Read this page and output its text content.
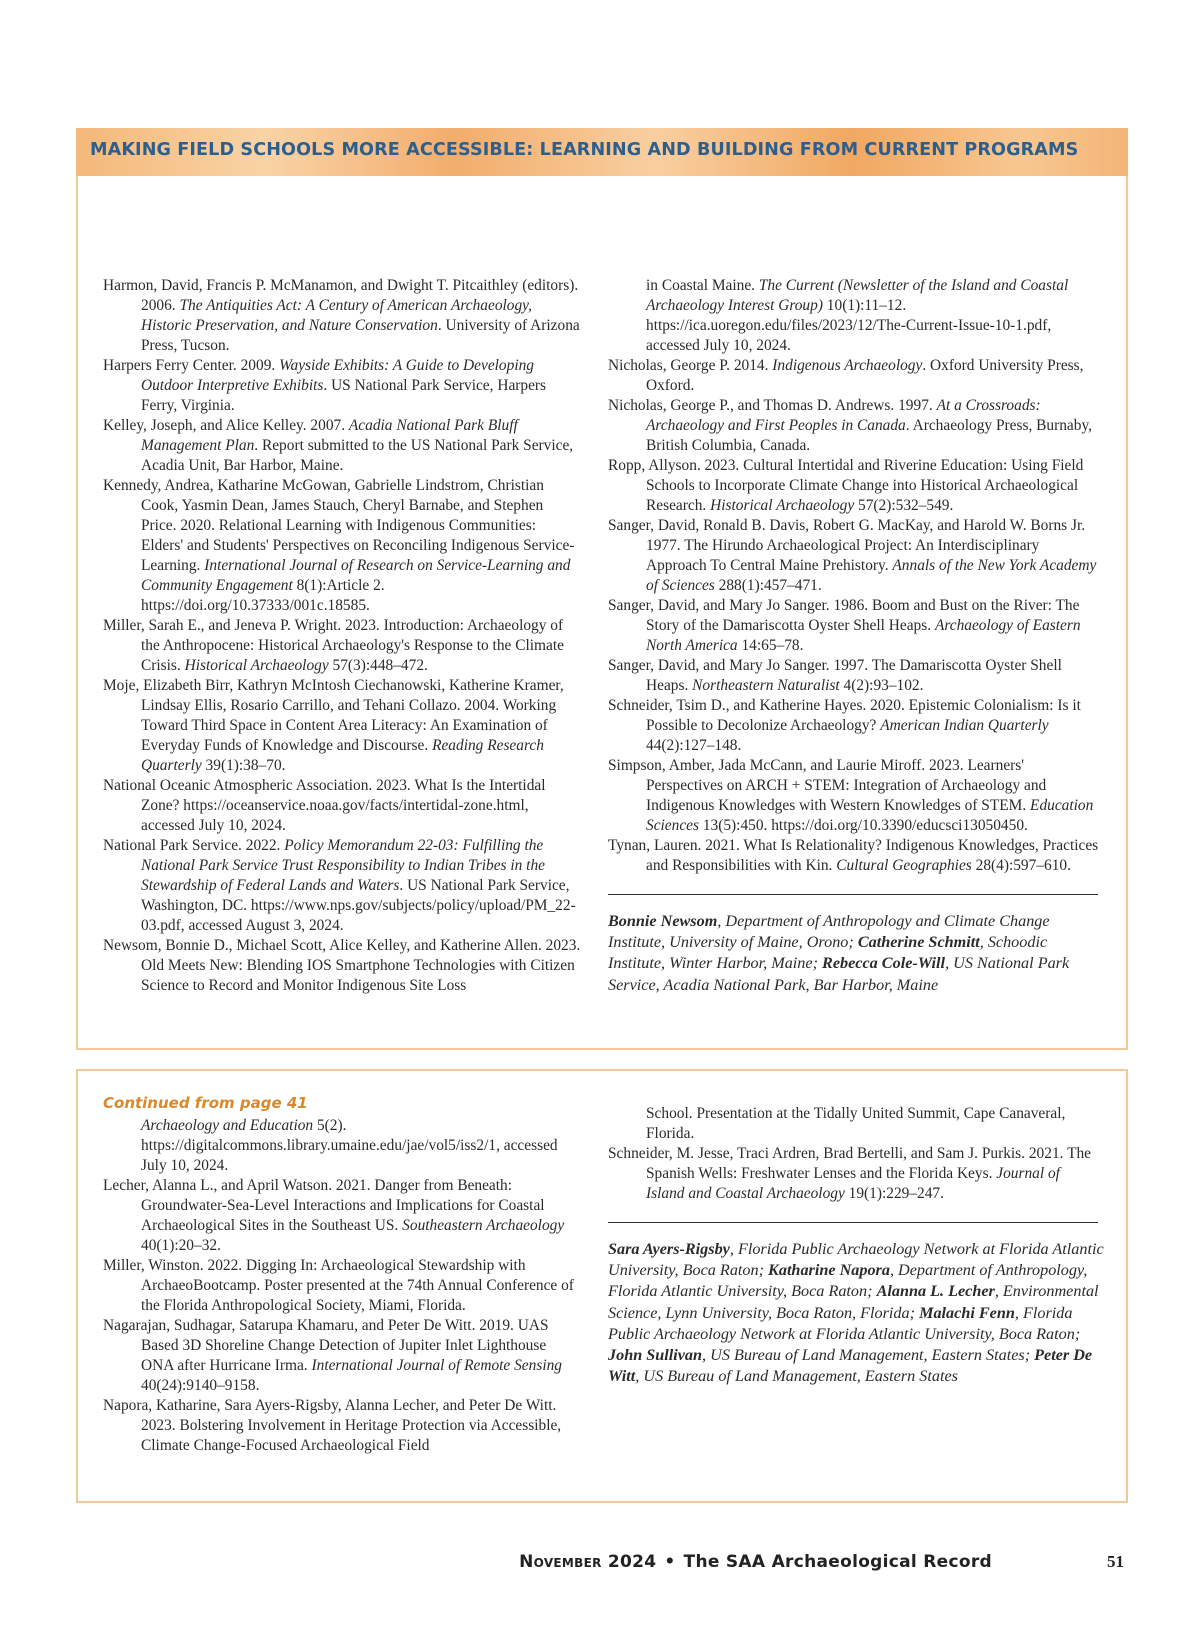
MAKING FIELD SCHOOLS MORE ACCESSIBLE: LEARNING AND BUILDING FROM CURRENT PROGRAMS
Harmon, David, Francis P. McManamon, and Dwight T. Pitcaithley (editors). 2006. The Antiquities Act: A Century of American Archaeology, Historic Preservation, and Nature Conservation. University of Arizona Press, Tucson.
Harpers Ferry Center. 2009. Wayside Exhibits: A Guide to Developing Outdoor Interpretive Exhibits. US National Park Service, Harpers Ferry, Virginia.
Kelley, Joseph, and Alice Kelley. 2007. Acadia National Park Bluff Management Plan. Report submitted to the US National Park Service, Acadia Unit, Bar Harbor, Maine.
Kennedy, Andrea, Katharine McGowan, Gabrielle Lindstrom, Christian Cook, Yasmin Dean, James Stauch, Cheryl Barnabe, and Stephen Price. 2020. Relational Learning with Indigenous Communities: Elders' and Students' Perspectives on Reconciling Indigenous Service-Learning. International Journal of Research on Service-Learning and Community Engagement 8(1):Article 2. https://doi.org/10.37333/001c.18585.
Miller, Sarah E., and Jeneva P. Wright. 2023. Introduction: Archaeology of the Anthropocene: Historical Archaeology's Response to the Climate Crisis. Historical Archaeology 57(3):448–472.
Moje, Elizabeth Birr, Kathryn McIntosh Ciechanowski, Katherine Kramer, Lindsay Ellis, Rosario Carrillo, and Tehani Collazo. 2004. Working Toward Third Space in Content Area Literacy: An Examination of Everyday Funds of Knowledge and Discourse. Reading Research Quarterly 39(1):38–70.
National Oceanic Atmospheric Association. 2023. What Is the Intertidal Zone? https://oceanservice.noaa.gov/facts/intertidal-zone.html, accessed July 10, 2024.
National Park Service. 2022. Policy Memorandum 22-03: Fulfilling the National Park Service Trust Responsibility to Indian Tribes in the Stewardship of Federal Lands and Waters. US National Park Service, Washington, DC. https://www.nps.gov/subjects/policy/upload/PM_22-03.pdf, accessed August 3, 2024.
Newsom, Bonnie D., Michael Scott, Alice Kelley, and Katherine Allen. 2023. Old Meets New: Blending IOS Smartphone Technologies with Citizen Science to Record and Monitor Indigenous Site Loss
in Coastal Maine. The Current (Newsletter of the Island and Coastal Archaeology Interest Group) 10(1):11–12. https://ica.uoregon.edu/files/2023/12/The-Current-Issue-10-1.pdf, accessed July 10, 2024.
Nicholas, George P. 2014. Indigenous Archaeology. Oxford University Press, Oxford.
Nicholas, George P., and Thomas D. Andrews. 1997. At a Crossroads: Archaeology and First Peoples in Canada. Archaeology Press, Burnaby, British Columbia, Canada.
Ropp, Allyson. 2023. Cultural Intertidal and Riverine Education: Using Field Schools to Incorporate Climate Change into Historical Archaeological Research. Historical Archaeology 57(2):532–549.
Sanger, David, Ronald B. Davis, Robert G. MacKay, and Harold W. Borns Jr. 1977. The Hirundo Archaeological Project: An Interdisciplinary Approach To Central Maine Prehistory. Annals of the New York Academy of Sciences 288(1):457–471.
Sanger, David, and Mary Jo Sanger. 1986. Boom and Bust on the River: The Story of the Damariscotta Oyster Shell Heaps. Archaeology of Eastern North America 14:65–78.
Sanger, David, and Mary Jo Sanger. 1997. The Damariscotta Oyster Shell Heaps. Northeastern Naturalist 4(2):93–102.
Schneider, Tsim D., and Katherine Hayes. 2020. Epistemic Colonialism: Is it Possible to Decolonize Archaeology? American Indian Quarterly 44(2):127–148.
Simpson, Amber, Jada McCann, and Laurie Miroff. 2023. Learners' Perspectives on ARCH + STEM: Integration of Archaeology and Indigenous Knowledges with Western Knowledges of STEM. Education Sciences 13(5):450. https://doi.org/10.3390/educsci13050450.
Tynan, Lauren. 2021. What Is Relationality? Indigenous Knowledges, Practices and Responsibilities with Kin. Cultural Geographies 28(4):597–610.

Bonnie Newsom, Department of Anthropology and Climate Change Institute, University of Maine, Orono; Catherine Schmitt, Schoodic Institute, Winter Harbor, Maine; Rebecca Cole-Will, US National Park Service, Acadia National Park, Bar Harbor, Maine

Continued from page 41
Archaeology and Education 5(2). https://digitalcommons.library.umaine.edu/jae/vol5/iss2/1, accessed July 10, 2024.
Lecher, Alanna L., and April Watson. 2021. Danger from Beneath: Groundwater-Sea-Level Interactions and Implications for Coastal Archaeological Sites in the Southeast US. Southeastern Archaeology 40(1):20–32.
Miller, Winston. 2022. Digging In: Archaeological Stewardship with ArchaeoBootcamp. Poster presented at the 74th Annual Conference of the Florida Anthropological Society, Miami, Florida.
Nagarajan, Sudhagar, Satarupa Khamaru, and Peter De Witt. 2019. UAS Based 3D Shoreline Change Detection of Jupiter Inlet Lighthouse ONA after Hurricane Irma. International Journal of Remote Sensing 40(24):9140–9158.
Napora, Katharine, Sara Ayers-Rigsby, Alanna Lecher, and Peter De Witt. 2023. Bolstering Involvement in Heritage Protection via Accessible, Climate Change-Focused Archaeological Field
School. Presentation at the Tidally United Summit, Cape Canaveral, Florida.
Schneider, M. Jesse, Traci Ardren, Brad Bertelli, and Sam J. Purkis. 2021. The Spanish Wells: Freshwater Lenses and the Florida Keys. Journal of Island and Coastal Archaeology 19(1):229–247.

Sara Ayers-Rigsby, Florida Public Archaeology Network at Florida Atlantic University, Boca Raton; Katharine Napora, Department of Anthropology, Florida Atlantic University, Boca Raton; Alanna L. Lecher, Environmental Science, Lynn University, Boca Raton, Florida; Malachi Fenn, Florida Public Archaeology Network at Florida Atlantic University, Boca Raton; John Sullivan, US Bureau of Land Management, Eastern States; Peter De Witt, US Bureau of Land Management, Eastern States

November 2024 • The SAA Archaeological Record	51
